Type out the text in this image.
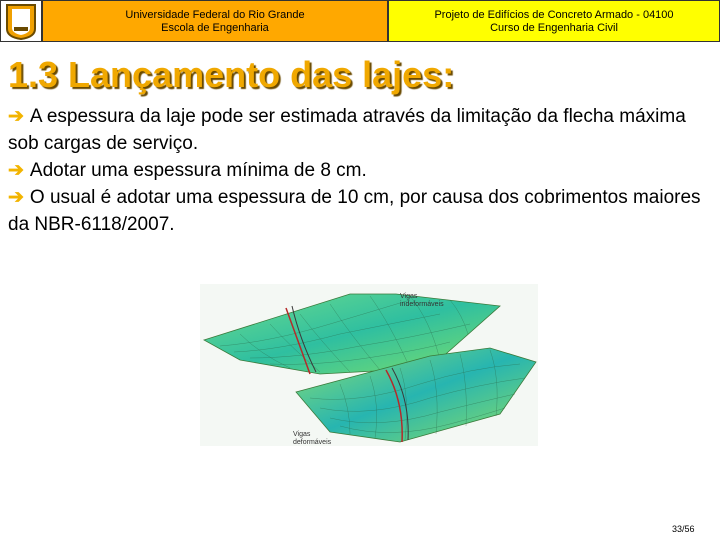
Universidade Federal do Rio Grande
Escola de Engenharia
Projeto de Edifícios de Concreto Armado - 04100
Curso de Engenharia Civil
1.3 Lançamento das lajes:

➔ A espessura da laje pode ser estimada através da limitação da flecha máxima sob cargas de serviço.

➔ Adotar uma espessura mínima de 8 cm.

➔ O usual é adotar uma espessura de 10 cm, por causa dos cobrimentos maiores da NBR-6118/2007.

Vigas
indeformáveis
Vigas
deformáveis
33/56
